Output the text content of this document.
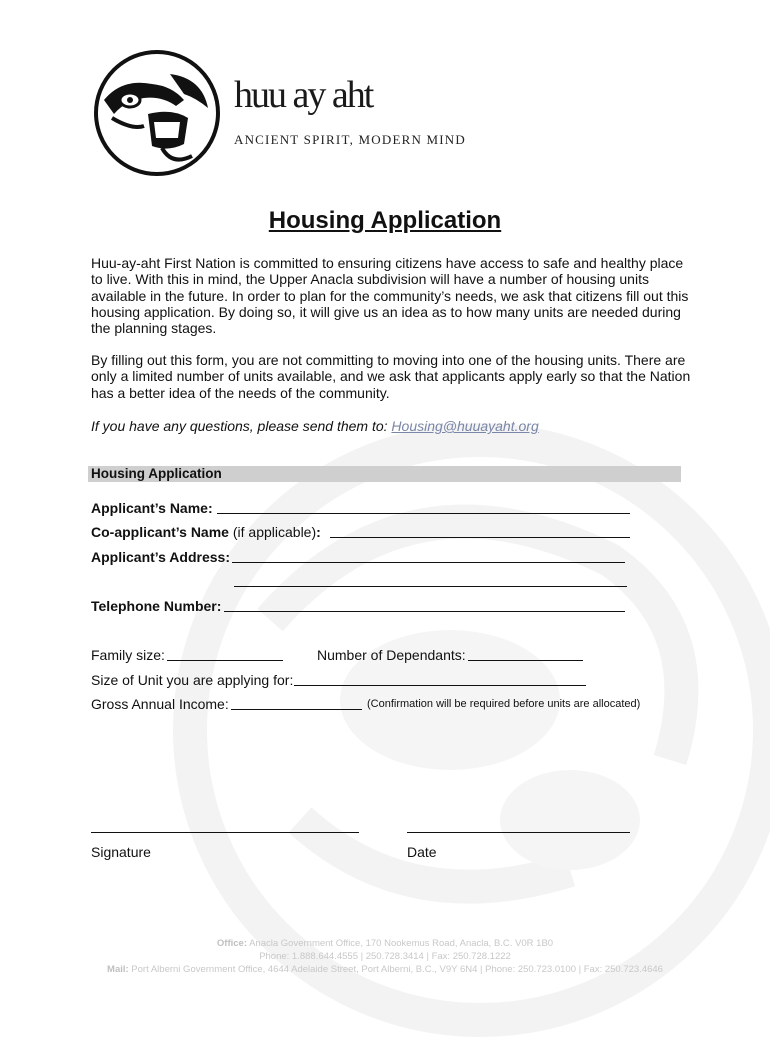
huu ay aht
ANCIENT SPIRIT, MODERN MIND
Housing Application

Huu-ay-aht First Nation is committed to ensuring citizens have access to safe and healthy place to live. With this in mind, the Upper Anacla subdivision will have a number of housing units available in the future. In order to plan for the community’s needs, we ask that citizens fill out this housing application. By doing so, it will give us an idea as to how many units are needed during the planning stages.

By filling out this form, you are not committing to moving into one of the housing units. There are only a limited number of units available, and we ask that applicants apply early so that the Nation has a better idea of the needs of the community.

If you have any questions, please send them to: Housing@huuayaht.org

Housing Application
Applicant’s Name:
Co-applicant’s Name (if applicable):
Applicant’s Address:
Telephone Number:
Family size:	Number of Dependants:
Size of Unit you are applying for:
Gross Annual Income:	(Confirmation will be required before units are allocated)
Signature	Date
Office: Anacla Government Office, 170 Nookemus Road, Anacla, B.C. V0R 1B0
Phone: 1.888.644.4555 | 250.728.3414 | Fax: 250.728.1222
Mail: Port Alberni Government Office, 4644 Adelaide Street, Port Alberni, B.C., V9Y 6N4 | Phone: 250.723.0100 | Fax: 250.723.4646
